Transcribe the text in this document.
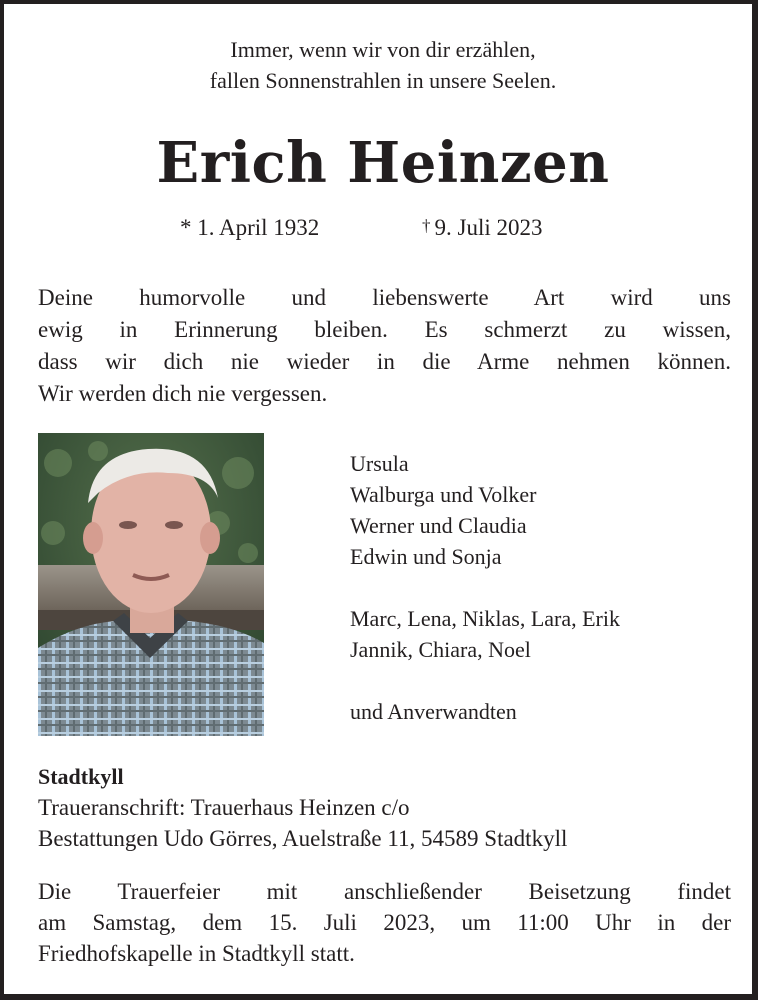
Immer, wenn wir von dir erzählen,
fallen Sonnenstrahlen in unsere Seelen.
Erich Heinzen
* 1. April 1932	† 9. Juli 2023
Deine humorvolle und liebenswerte Art wird uns
ewig in Erinnerung bleiben. Es schmerzt zu wissen,
dass wir dich nie wieder in die Arme nehmen können.
Wir werden dich nie vergessen.
Ursula
Walburga und Volker
Werner und Claudia
Edwin und Sonja
Marc, Lena, Niklas, Lara, Erik
Jannik, Chiara, Noel
und Anverwandten
Stadtkyll
Traueranschrift: Trauerhaus Heinzen c/o
Bestattungen Udo Görres, Auelstraße 11, 54589 Stadtkyll
Die Trauerfeier mit anschließender Beisetzung findet
am Samstag, dem 15. Juli 2023, um 11:00 Uhr in der
Friedhofskapelle in Stadtkyll statt.
